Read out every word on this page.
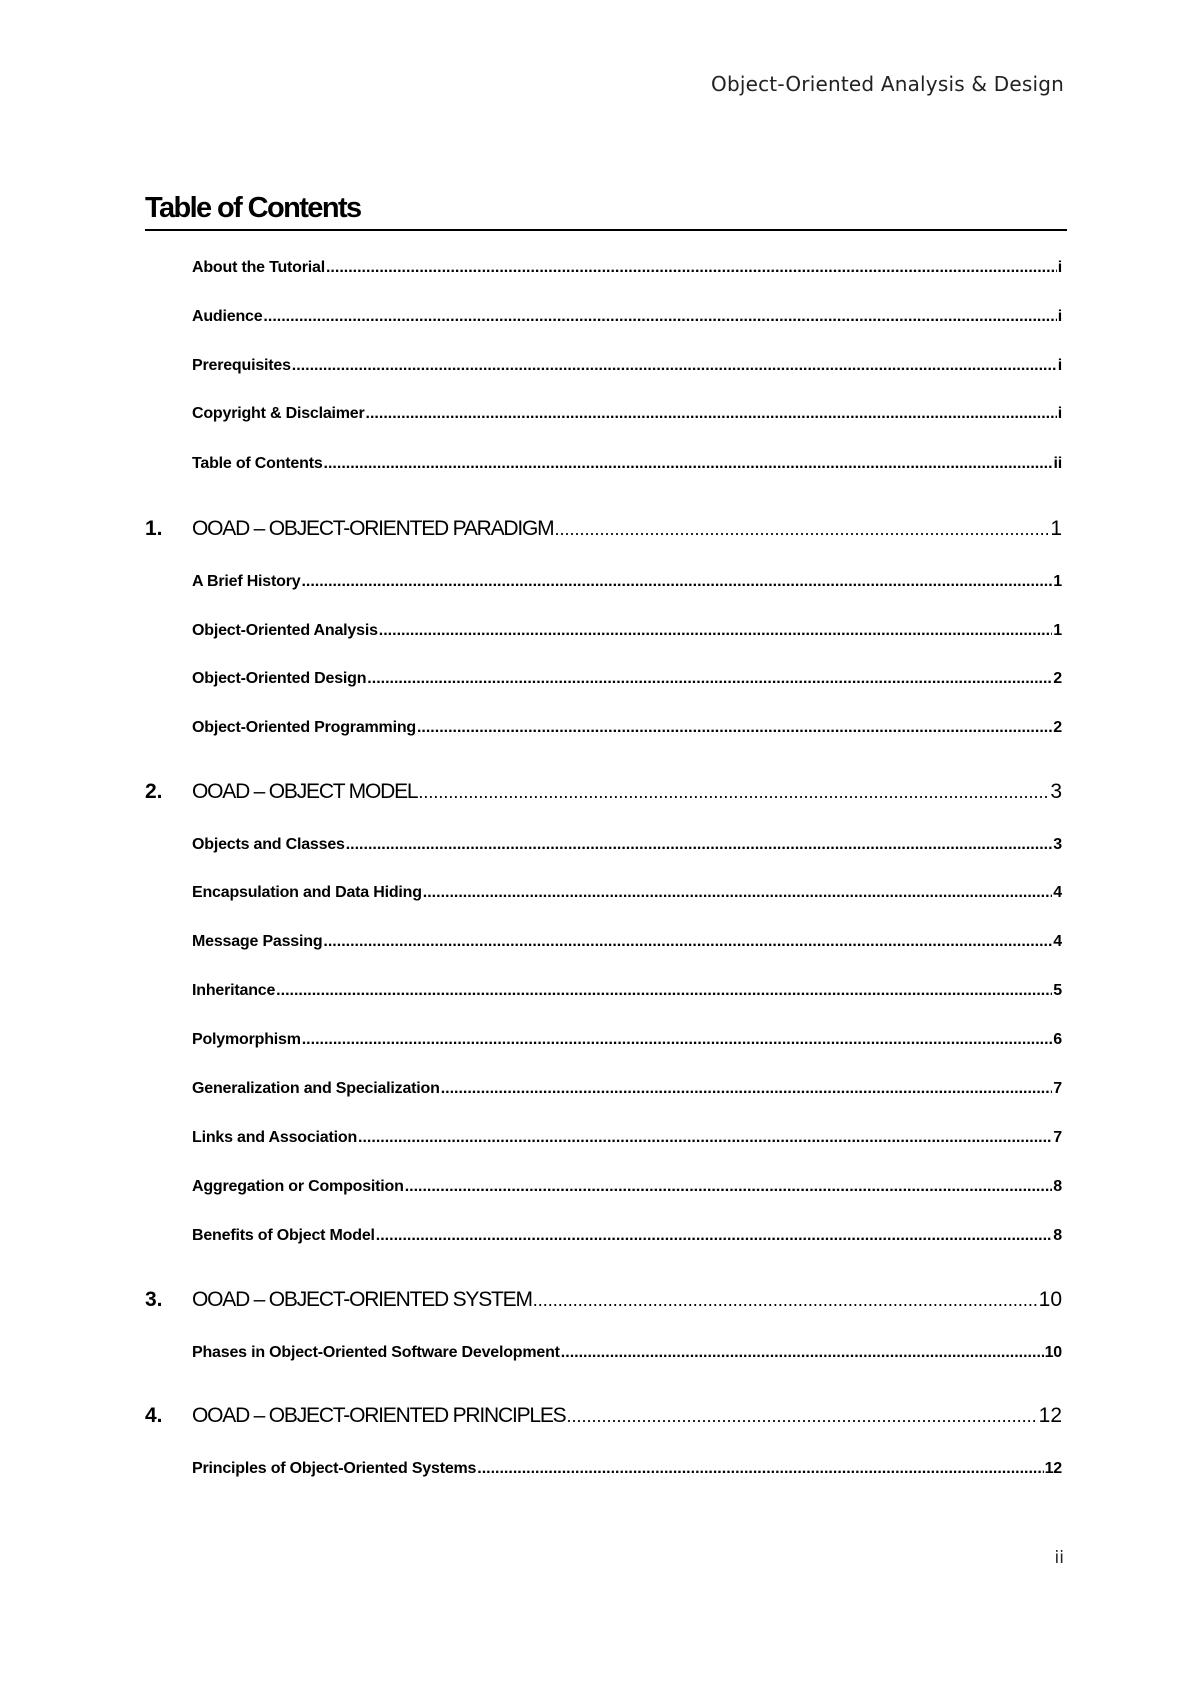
Object-Oriented Analysis & Design
Table of Contents
About the Tutorial .....	i
Audience .....	i
Prerequisites .....	i
Copyright & Disclaimer .....	i
Table of Contents .....	ii
1.	OOAD – OBJECT-ORIENTED PARADIGM .....	1
A Brief History .....	1
Object-Oriented Analysis .....	1
Object-Oriented Design .....	2
Object-Oriented Programming .....	2
2.	OOAD – OBJECT MODEL .....	3
Objects and Classes .....	3
Encapsulation and Data Hiding .....	4
Message Passing .....	4
Inheritance .....	5
Polymorphism .....	6
Generalization and Specialization .....	7
Links and Association .....	7
Aggregation or Composition .....	8
Benefits of Object Model .....	8
3.	OOAD – OBJECT-ORIENTED SYSTEM .....	10
Phases in Object-Oriented Software Development .....	10
4.	OOAD – OBJECT-ORIENTED PRINCIPLES .....	12
Principles of Object-Oriented Systems .....	12
ii
